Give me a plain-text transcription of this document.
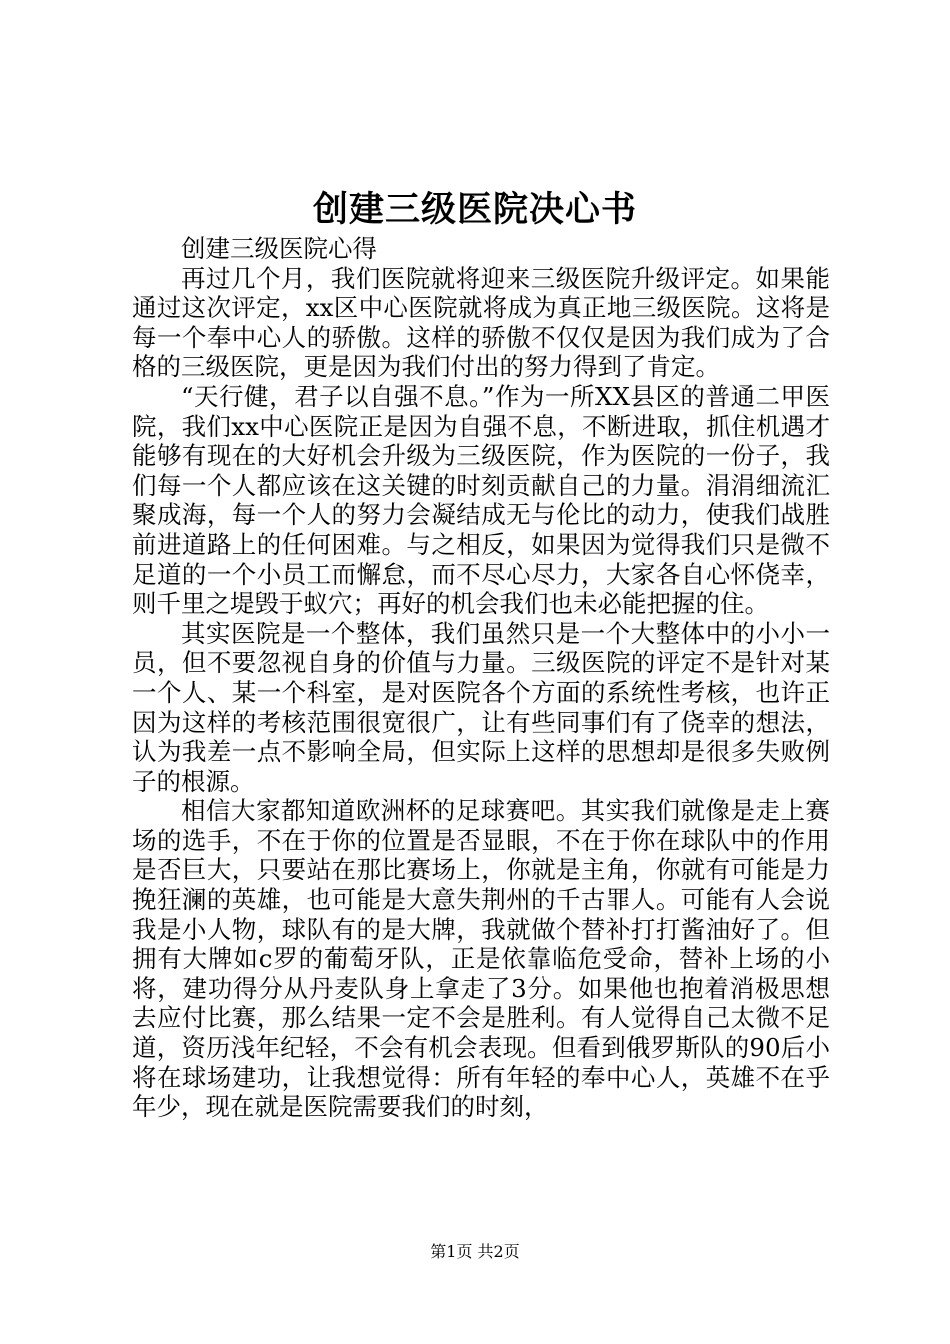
创建三级医院决心书

创建三级医院心得

再过几个月，我们医院就将迎来三级医院升级评定。如果能通过这次评定，xx区中心医院就将成为真正地三级医院。这将是每一个奉中心人的骄傲。这样的骄傲不仅仅是因为我们成为了合格的三级医院，更是因为我们付出的努力得到了肯定。

“天行健，君子以自强不息。”作为一所XX县区的普通二甲医院，我们xx中心医院正是因为自强不息，不断进取，抓住机遇才能够有现在的大好机会升级为三级医院，作为医院的一份子，我们每一个人都应该在这关键的时刻贡献自己的力量。涓涓细流汇聚成海，每一个人的努力会凝结成无与伦比的动力，使我们战胜前进道路上的任何困难。与之相反，如果因为觉得我们只是微不足道的一个小员工而懈怠，而不尽心尽力，大家各自心怀侥幸，则千里之堤毁于蚁穴；再好的机会我们也未必能把握的住。

其实医院是一个整体，我们虽然只是一个大整体中的小小一员，但不要忽视自身的价值与力量。三级医院的评定不是针对某一个人、某一个科室，是对医院各个方面的系统性考核，也许正因为这样的考核范围很宽很广，让有些同事们有了侥幸的想法，认为我差一点不影响全局，但实际上这样的思想却是很多失败例子的根源。

相信大家都知道欧洲杯的足球赛吧。其实我们就像是走上赛场的选手，不在于你的位置是否显眼，不在于你在球队中的作用是否巨大，只要站在那比赛场上，你就是主角，你就有可能是力挽狂澜的英雄，也可能是大意失荆州的千古罪人。可能有人会说我是小人物，球队有的是大牌，我就做个替补打打酱油好了。但拥有大牌如c罗的葡萄牙队，正是依靠临危受命，替补上场的小将，建功得分从丹麦队身上拿走了3分。如果他也抱着消极思想去应付比赛，那么结果一定不会是胜利。有人觉得自己太微不足道，资历浅年纪轻，不会有机会表现。但看到俄罗斯队的90后小将在球场建功，让我想觉得：所有年轻的奉中心人，英雄不在乎年少，现在就是医院需要我们的时刻，

第1页 共2页
